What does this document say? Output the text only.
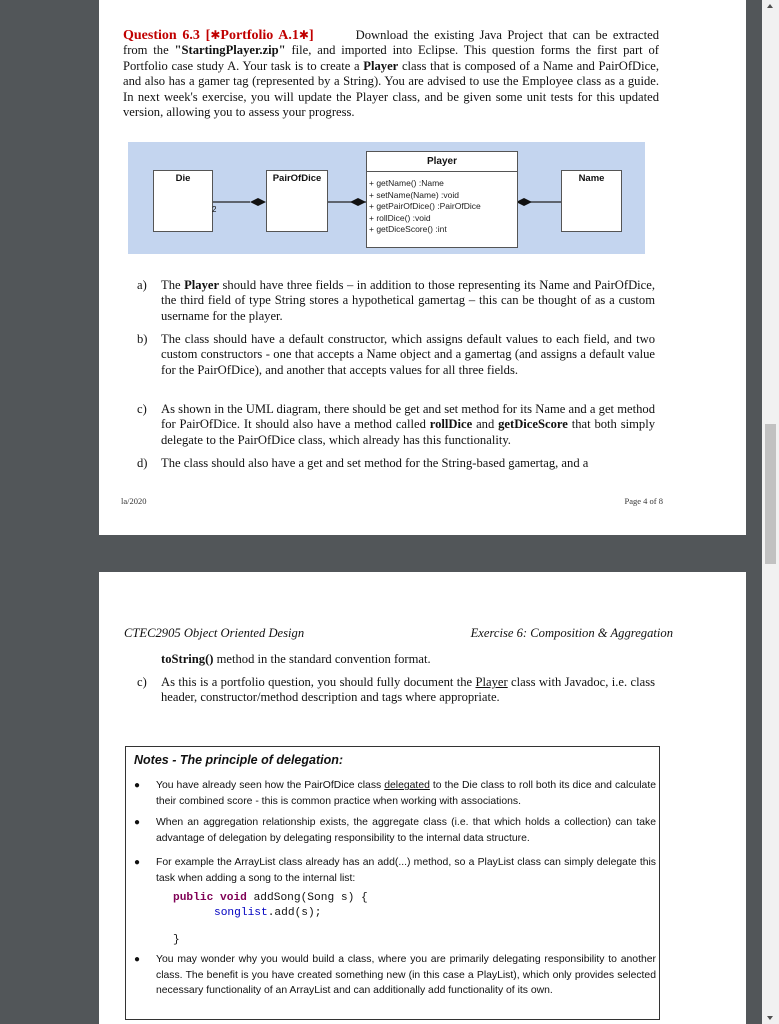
Question 6.3 [✱Portfolio A.1✱]	Download the existing Java Project that can be extracted from the "StartingPlayer.zip" file, and imported into Eclipse. This question forms the first part of Portfolio case study A. Your task is to create a Player class that is composed of a Name and PairOfDice, and also has a gamer tag (represented by a String). You are advised to use the Employee class as a guide. In next week's exercise, you will update the Player class, and be given some unit tests for this updated version, allowing you to assess your progress.
Die
2
PairOfDice
Player
+ getName() :Name
+ setName(Name) :void
+ getPairOfDice() :PairOfDice
+ rollDice() :void
+ getDiceScore() :int
Name
a) The Player should have three fields – in addition to those representing its Name and PairOfDice, the third field of type String stores a hypothetical gamertag – this can be thought of as a custom username for the player.
b) The class should have a default constructor, which assigns default values to each field, and two custom constructors - one that accepts a Name object and a gamertag (and assigns a default value for the PairOfDice), and another that accepts values for all three fields.
c) As shown in the UML diagram, there should be get and set method for its Name and a get method for PairOfDice. It should also have a method called rollDice and getDiceScore that both simply delegate to the PairOfDice class, which already has this functionality.
d) The class should also have a get and set method for the String-based gamertag, and a
la/2020	Page 4 of 8
CTEC2905 Object Oriented Design	Exercise 6: Composition & Aggregation
toString() method in the standard convention format.
c) As this is a portfolio question, you should fully document the Player class with Javadoc, i.e. class header, constructor/method description and tags where appropriate.
Notes - The principle of delegation:
● You have already seen how the PairOfDice class delegated to the Die class to roll both its dice and calculate their combined score - this is common practice when working with associations.
● When an aggregation relationship exists, the aggregate class (i.e. that which holds a collection) can take advantage of delegation by delegating responsibility to the internal data structure.
● For example the ArrayList class already has an add(...) method, so a PlayList class can simply delegate this task when adding a song to the internal list:
public void addSong(Song s) {
songlist.add(s);
}
● You may wonder why you would build a class, where you are primarily delegating responsibility to another class. The benefit is you have created something new (in this case a PlayList), which only provides selected necessary functionality of an ArrayList and can additionally add functionality of its own.
